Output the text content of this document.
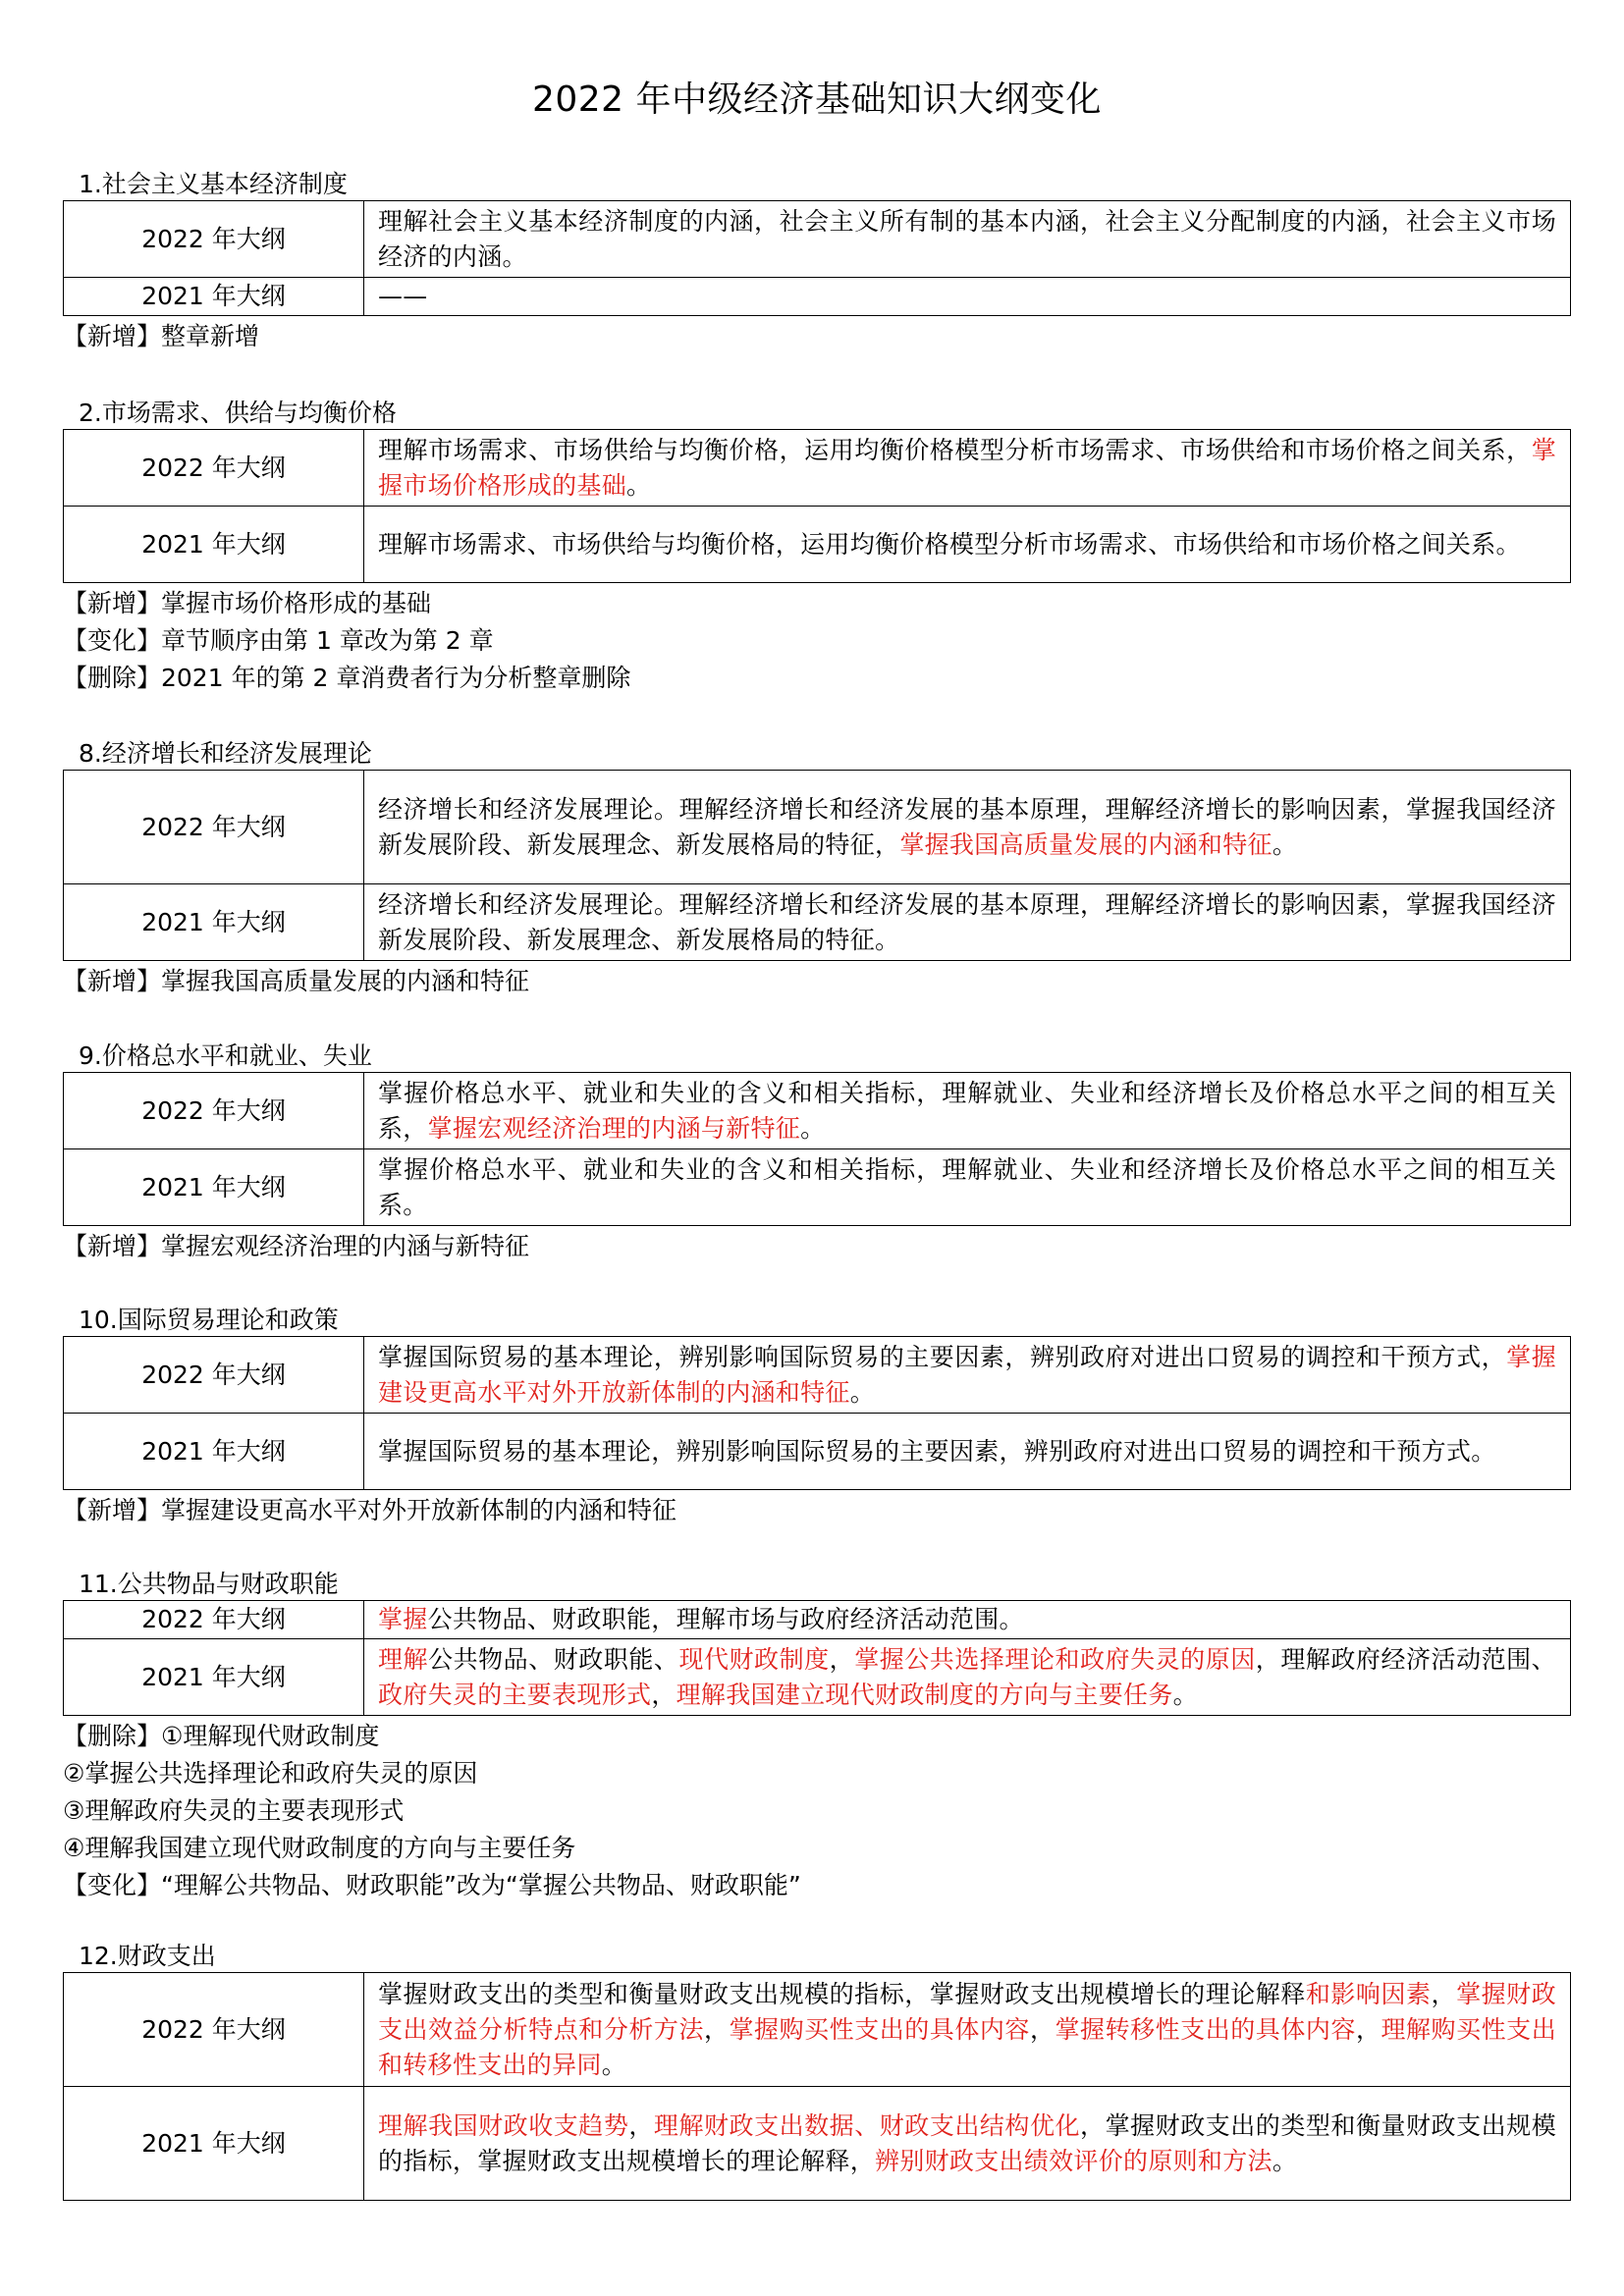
2022 年中级经济基础知识大纲变化
1.社会主义基本经济制度
2022 年大纲	理解社会主义基本经济制度的内涵，社会主义所有制的基本内涵，社会主义分配制度的内涵，社会主义市场经济的内涵。
2021 年大纲	——
【新增】整章新增
2.市场需求、供给与均衡价格
2022 年大纲	理解市场需求、市场供给与均衡价格，运用均衡价格模型分析市场需求、市场供给和市场价格之间关系，掌握市场价格形成的基础。
2021 年大纲	理解市场需求、市场供给与均衡价格，运用均衡价格模型分析市场需求、市场供给和市场价格之间关系。
【新增】掌握市场价格形成的基础
【变化】章节顺序由第 1 章改为第 2 章
【删除】2021 年的第 2 章消费者行为分析整章删除
8.经济增长和经济发展理论
2022 年大纲	经济增长和经济发展理论。理解经济增长和经济发展的基本原理，理解经济增长的影响因素，掌握我国经济新发展阶段、新发展理念、新发展格局的特征，掌握我国高质量发展的内涵和特征。
2021 年大纲	经济增长和经济发展理论。理解经济增长和经济发展的基本原理，理解经济增长的影响因素，掌握我国经济新发展阶段、新发展理念、新发展格局的特征。
【新增】掌握我国高质量发展的内涵和特征
9.价格总水平和就业、失业
2022 年大纲	掌握价格总水平、就业和失业的含义和相关指标，理解就业、失业和经济增长及价格总水平之间的相互关系，掌握宏观经济治理的内涵与新特征。
2021 年大纲	掌握价格总水平、就业和失业的含义和相关指标，理解就业、失业和经济增长及价格总水平之间的相互关系。
【新增】掌握宏观经济治理的内涵与新特征
10.国际贸易理论和政策
2022 年大纲	掌握国际贸易的基本理论，辨别影响国际贸易的主要因素，辨别政府对进出口贸易的调控和干预方式，掌握建设更高水平对外开放新体制的内涵和特征。
2021 年大纲	掌握国际贸易的基本理论，辨别影响国际贸易的主要因素，辨别政府对进出口贸易的调控和干预方式。
【新增】掌握建设更高水平对外开放新体制的内涵和特征
11.公共物品与财政职能
2022 年大纲	掌握公共物品、财政职能，理解市场与政府经济活动范围。
2021 年大纲	理解公共物品、财政职能、现代财政制度，掌握公共选择理论和政府失灵的原因，理解政府经济活动范围、政府失灵的主要表现形式，理解我国建立现代财政制度的方向与主要任务。
【删除】①理解现代财政制度
②掌握公共选择理论和政府失灵的原因
③理解政府失灵的主要表现形式
④理解我国建立现代财政制度的方向与主要任务
【变化】“理解公共物品、财政职能”改为“掌握公共物品、财政职能”
12.财政支出
2022 年大纲	掌握财政支出的类型和衡量财政支出规模的指标，掌握财政支出规模增长的理论解释和影响因素，掌握财政支出效益分析特点和分析方法，掌握购买性支出的具体内容，掌握转移性支出的具体内容，理解购买性支出和转移性支出的异同。
2021 年大纲	理解我国财政收支趋势，理解财政支出数据、财政支出结构优化，掌握财政支出的类型和衡量财政支出规模的指标，掌握财政支出规模增长的理论解释，辨别财政支出绩效评价的原则和方法。
